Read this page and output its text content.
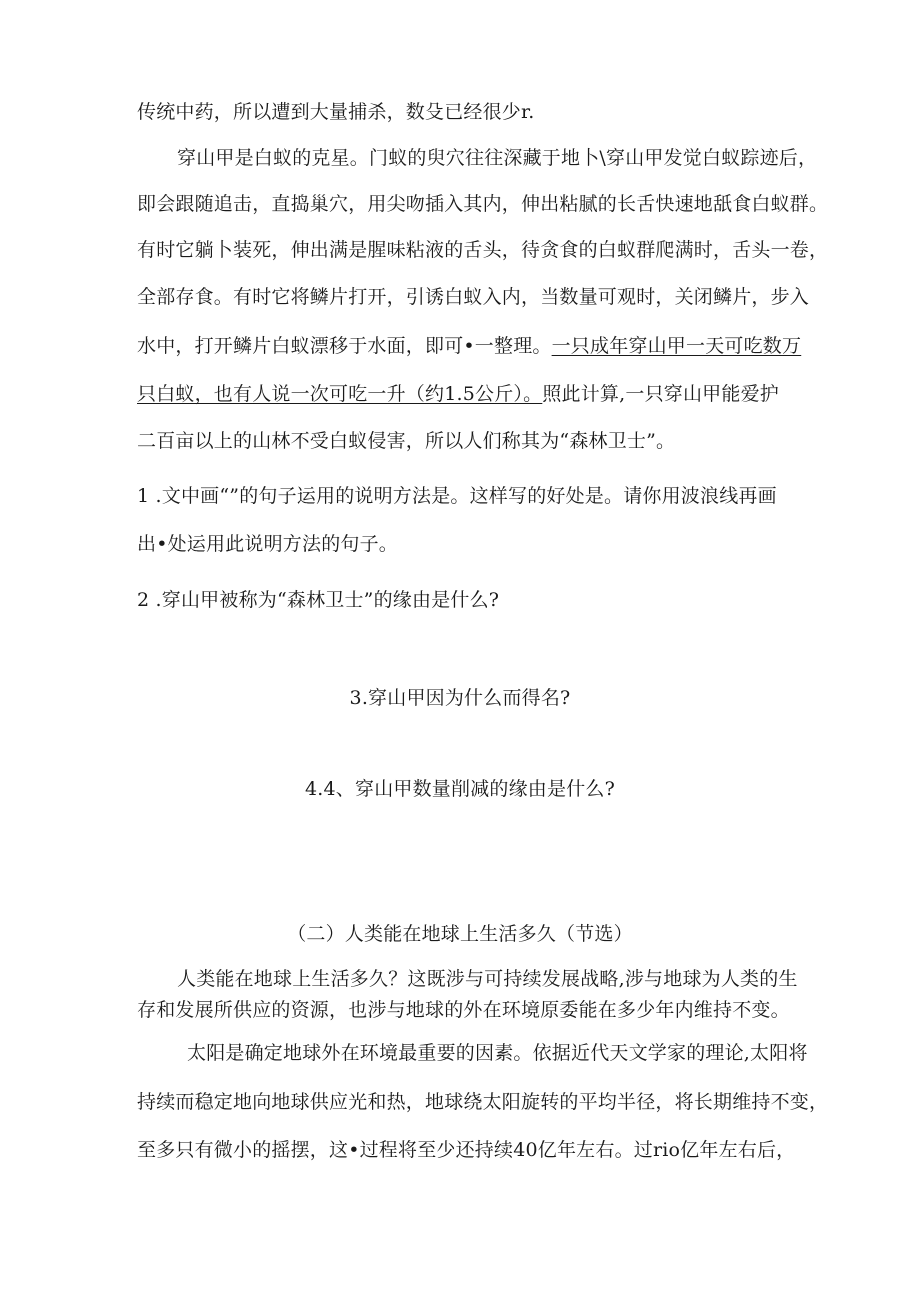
传统中药，所以遭到大量捕杀，数殳已经很少r.
穿山甲是白蚁的克星。门蚁的臾穴往往深藏于地卜\穿山甲发觉白蚁踪迹后，
即会跟随追击，直捣巢穴，用尖吻插入其内，伸出粘腻的长舌快速地舐食白蚁群。
有时它躺卜装死，伸出满是腥味粘液的舌头，待贪食的白蚁群爬满时，舌头一卷，
全部存食。有时它将鳞片打开，引诱白蚁入内，当数量可观时，关闭鳞片，步入
水中，打开鳞片白蚁漂移于水面，即可•一整理。一只成年穿山甲一天可吃数万
只白蚁，也有人说一次可吃一升（约1.5公斤）。照此计算,一只穿山甲能爱护
二百亩以上的山林不受白蚁侵害，所以人们称其为“森林卫士”。
1 .文中画“”的句子运用的说明方法是。这样写的好处是。请你用波浪线再画
出•处运用此说明方法的句子。
2 .穿山甲被称为“森林卫士”的缘由是什么?
3.穿山甲因为什么而得名?
4.4、穿山甲数量削减的缘由是什么?
（二）人类能在地球上生活多久（节选）
人类能在地球上生活多久？这既涉与可持续发展战略,涉与地球为人类的生
存和发展所供应的资源，也涉与地球的外在环境原委能在多少年内维持不变。
太阳是确定地球外在环境最重要的因素。依据近代天文学家的理论,太阳将
持续而稳定地向地球供应光和热，地球绕太阳旋转的平均半径，将长期维持不变，
至多只有微小的摇摆，这•过程将至少还持续40亿年左右。过rio亿年左右后，
